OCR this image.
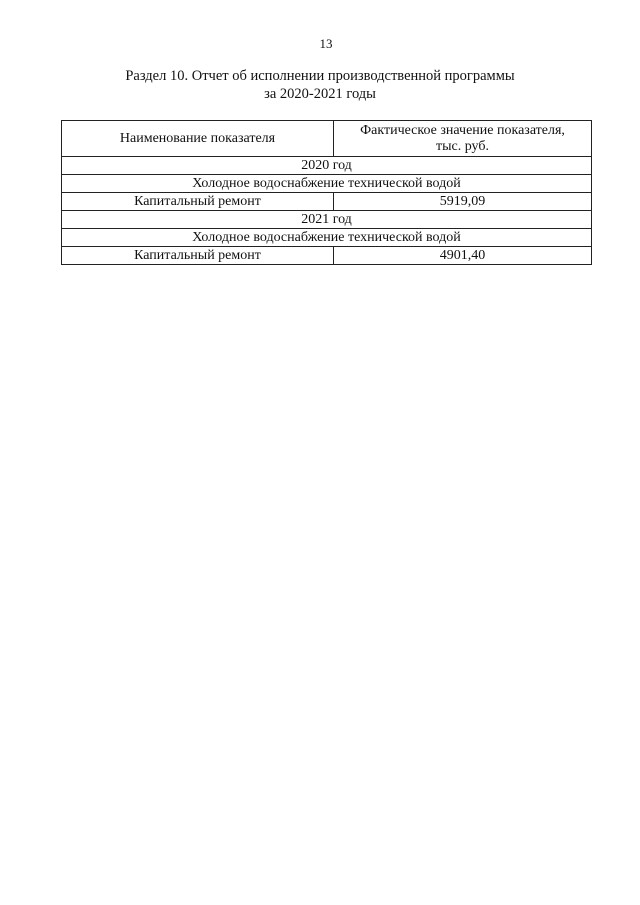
13
Раздел 10. Отчет об исполнении производственной программы
за 2020-2021 годы
Наименование показателя	Фактическое значение показателя,
тыс. руб.

2020 год	
Холодное водоснабжение технической водой	
Капитальный ремонт	5919,09
2021 год	
Холодное водоснабжение технической водой	
Капитальный ремонт	4901,40
